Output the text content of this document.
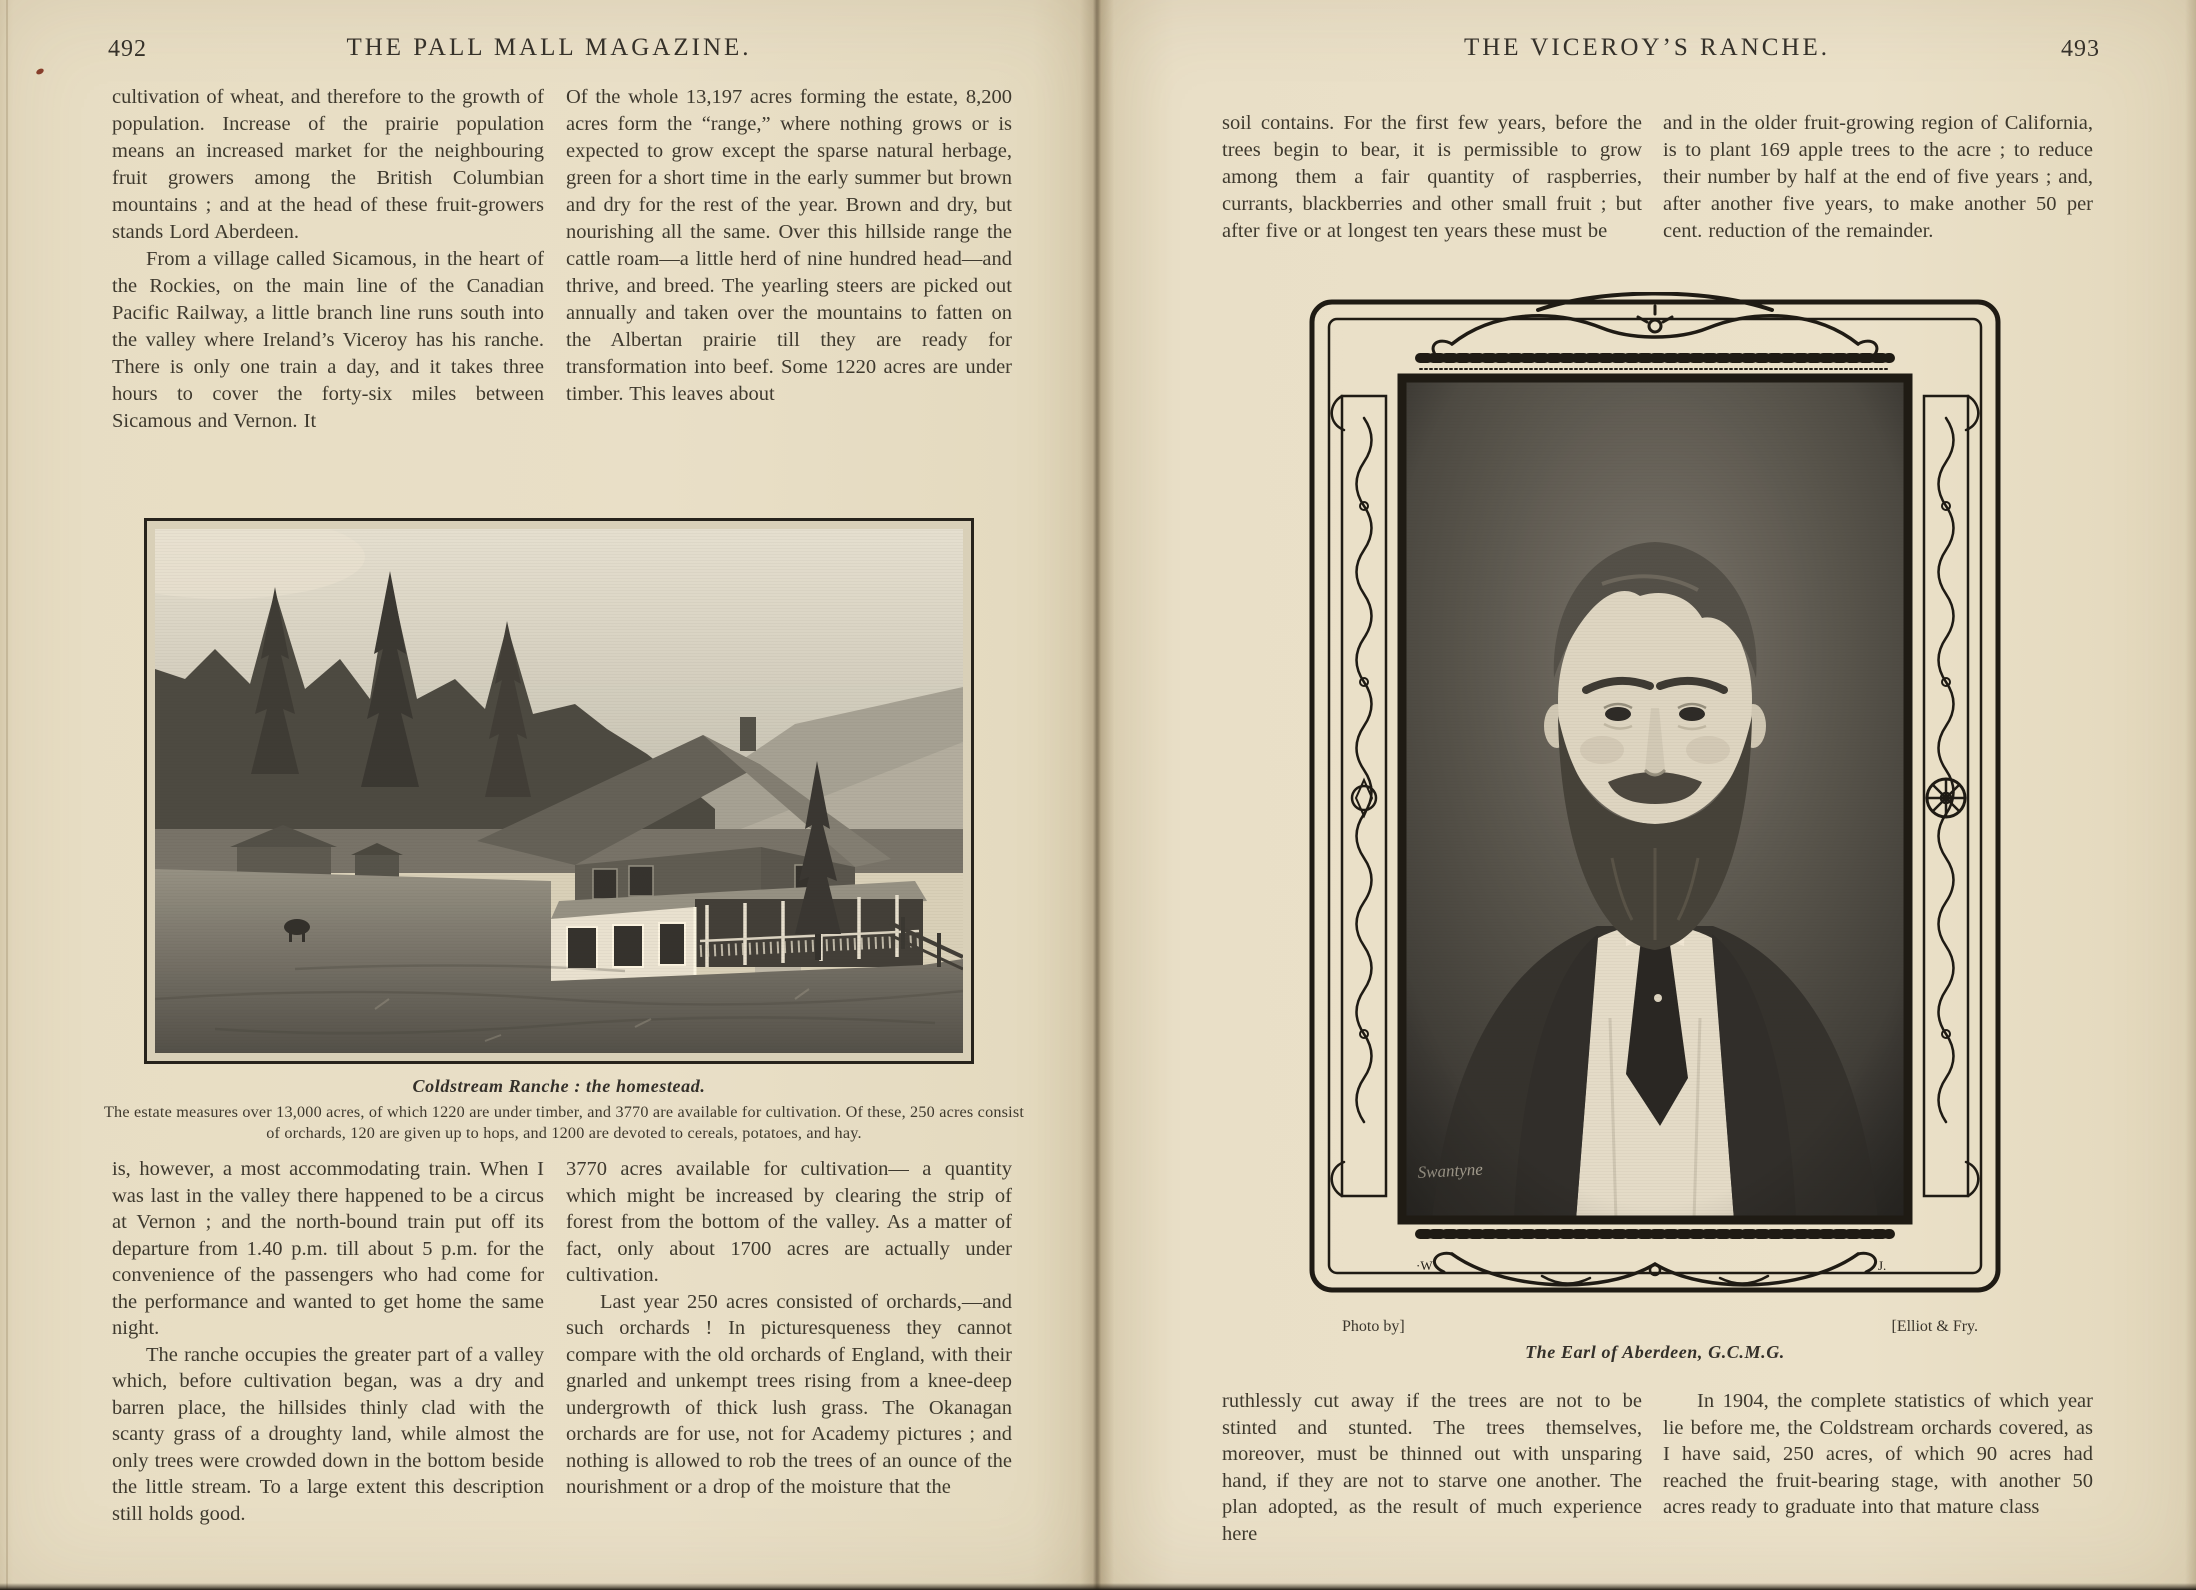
492	THE PALL MALL MAGAZINE.

cultivation of wheat, and therefore to the growth of population. Increase of the prairie population means an increased market for the neighbouring fruit growers among the British Columbian mountains ; and at the head of these fruit-growers stands Lord Aberdeen.

From a village called Sicamous, in the heart of the Rockies, on the main line of the Canadian Pacific Railway, a little branch line runs south into the valley where Ireland’s Viceroy has his ranche. There is only one train a day, and it takes three hours to cover the forty-six miles between Sicamous and Vernon. It

Of the whole 13,197 acres forming the estate, 8,200 acres form the “range,” where nothing grows or is expected to grow except the sparse natural herbage, green for a short time in the early summer but brown and dry for the rest of the year. Brown and dry, but nourishing all the same. Over this hillside range the cattle roam—a little herd of nine hundred head—and thrive, and breed. The yearling steers are picked out annually and taken over the mountains to fatten on the Albertan prairie till they are ready for transformation into beef. Some 1220 acres are under timber. This leaves about

Coldstream Ranche : the homestead.
The estate measures over 13,000 acres, of which 1220 are under timber, and 3770 are available for cultivation. Of these, 250 acres consist of orchards, 120 are given up to hops, and 1200 are devoted to cereals, potatoes, and hay.

is, however, a most accommodating train. When I was last in the valley there happened to be a circus at Vernon ; and the north-bound train put off its departure from 1.40 p.m. till about 5 p.m. for the convenience of the passengers who had come for the performance and wanted to get home the same night.

The ranche occupies the greater part of a valley which, before cultivation began, was a dry and barren place, the hillsides thinly clad with the scanty grass of a droughty land, while almost the only trees were crowded down in the bottom beside the little stream. To a large extent this description still holds good.

3770 acres available for cultivation— a quantity which might be increased by clearing the strip of forest from the bottom of the valley. As a matter of fact, only about 1700 acres are actually under cultivation.

Last year 250 acres consisted of orchards,—and such orchards ! In picturesqueness they cannot compare with the old orchards of England, with their gnarled and unkempt trees rising from a knee-deep undergrowth of thick lush grass. The Okanagan orchards are for use, not for Academy pictures ; and nothing is allowed to rob the trees of an ounce of the nourishment or a drop of the moisture that the

THE VICEROY’S RANCHE.	493

soil contains. For the first few years, before the trees begin to bear, it is permissible to grow among them a fair quantity of raspberries, currants, blackberries and other small fruit ; but after five or at longest ten years these must be

and in the older fruit-growing region of California, is to plant 169 apple trees to the acre ; to reduce their number by half at the end of five years ; and, after another five years, to make another 50 per cent. reduction of the remainder.

·W	J.
Photo by]	[Elliot & Fry.
The Earl of Aberdeen, G.C.M.G.

ruthlessly cut away if the trees are not to be stinted and stunted. The trees themselves, moreover, must be thinned out with unsparing hand, if they are not to starve one another. The plan adopted, as the result of much experience here

In 1904, the complete statistics of which year lie before me, the Coldstream orchards covered, as I have said, 250 acres, of which 90 acres had reached the fruit-bearing stage, with another 50 acres ready to graduate into that mature class
